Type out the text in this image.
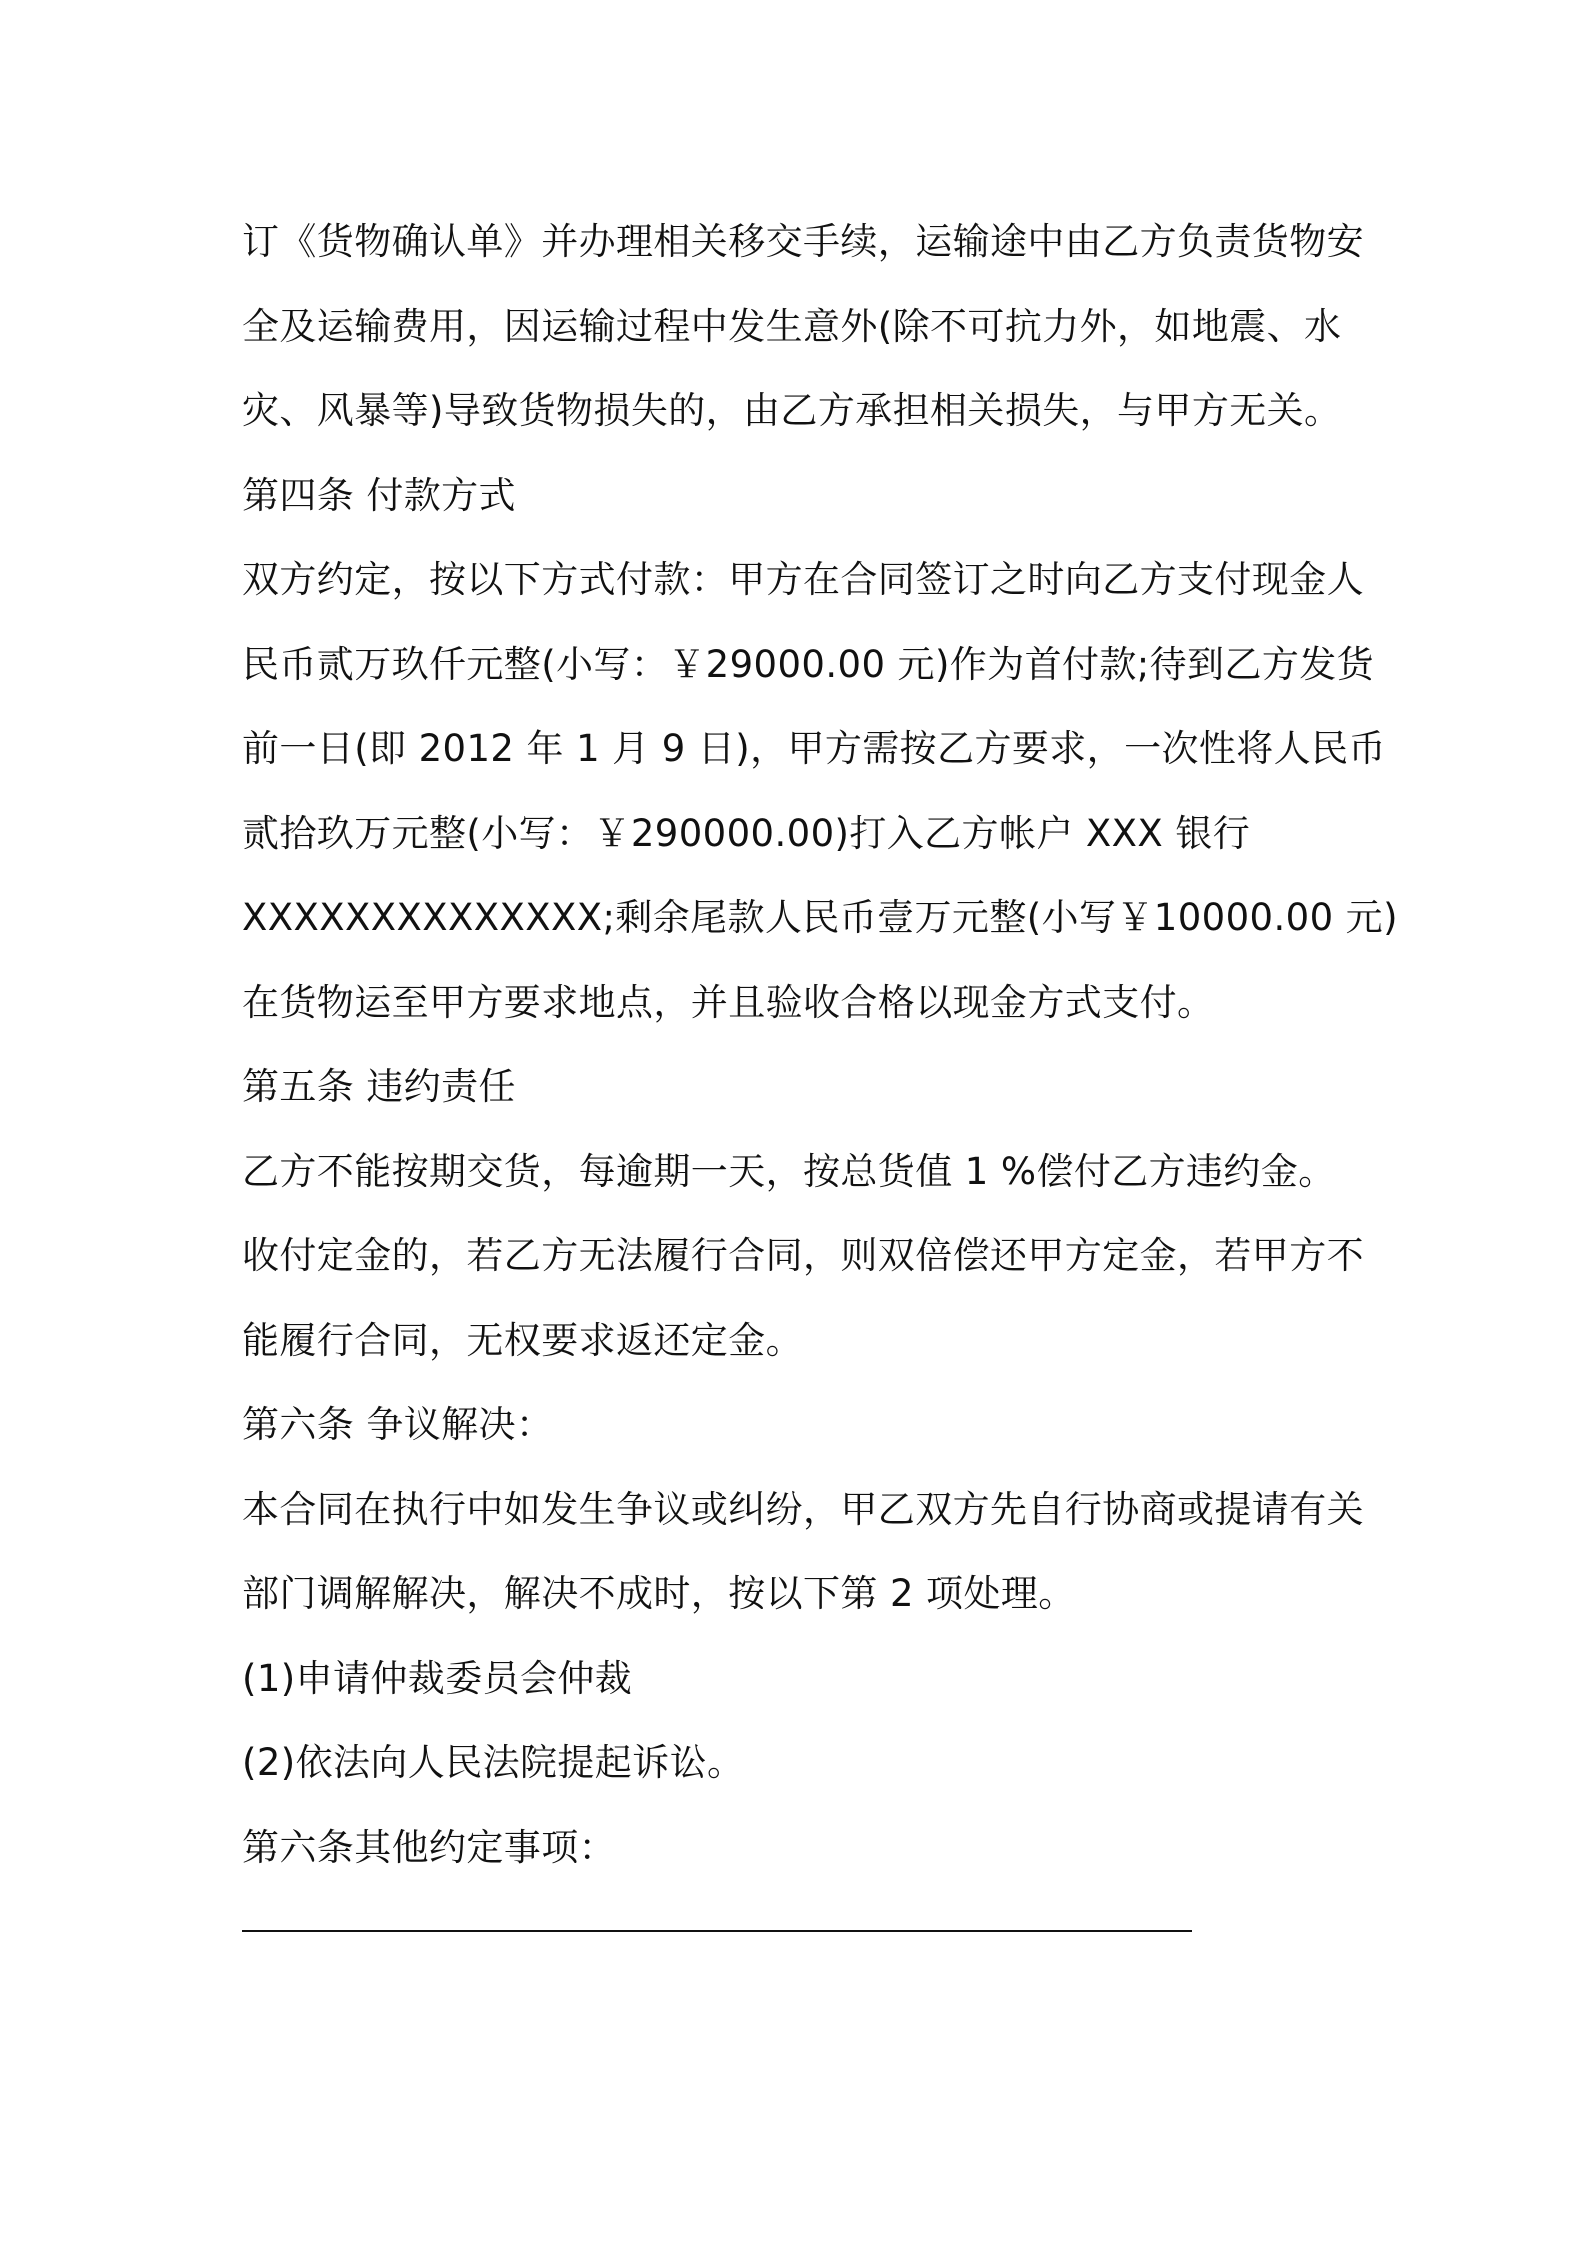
订《货物确认单》并办理相关移交手续，运输途中由乙方负责货物安
全及运输费用，因运输过程中发生意外(除不可抗力外，如地震、水
灾、风暴等)导致货物损失的，由乙方承担相关损失，与甲方无关。
第四条 付款方式
双方约定，按以下方式付款：甲方在合同签订之时向乙方支付现金人
民币贰万玖仟元整(小写：￥29000.00 元)作为首付款;待到乙方发货
前一日(即 2012 年 1 月 9 日)，甲方需按乙方要求，一次性将人民币
贰拾玖万元整(小写：￥290000.00)打入乙方帐户 XXX 银行
XXXXXXXXXXXXXX;剩余尾款人民币壹万元整(小写￥10000.00 元)
在货物运至甲方要求地点，并且验收合格以现金方式支付。
第五条 违约责任
乙方不能按期交货，每逾期一天，按总货值 1 %偿付乙方违约金。
收付定金的，若乙方无法履行合同，则双倍偿还甲方定金，若甲方不
能履行合同，无权要求返还定金。
第六条 争议解决：
本合同在执行中如发生争议或纠纷，甲乙双方先自行协商或提请有关
部门调解解决，解决不成时，按以下第 2 项处理。
(1)申请仲裁委员会仲裁
(2)依法向人民法院提起诉讼。
第六条其他约定事项：
